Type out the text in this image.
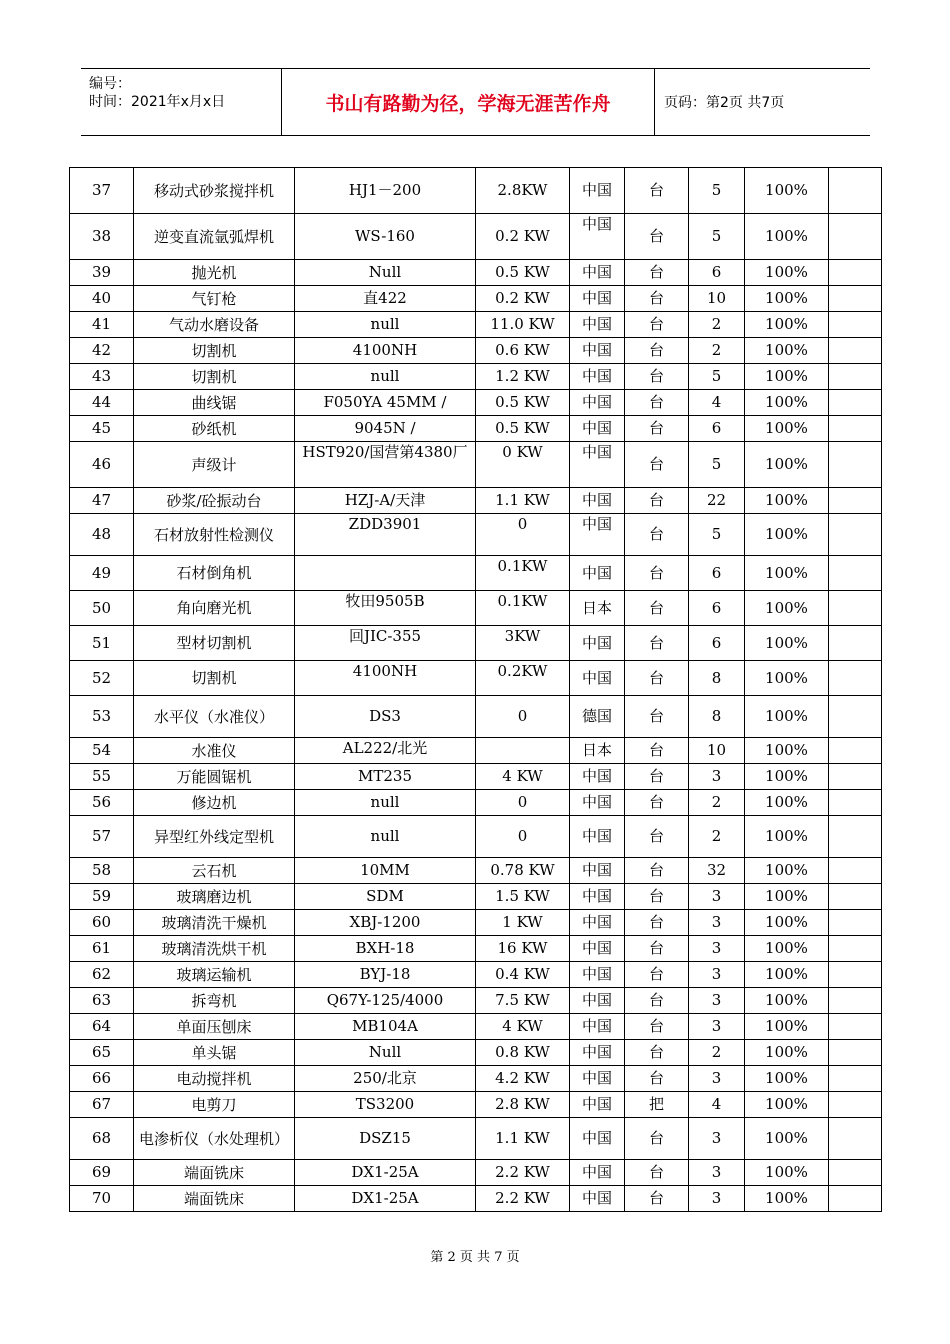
编号：
时间：2021年x月x日	书山有路勤为径，学海无涯苦作舟	页码：第2页 共7页
37	移动式砂浆搅拌机	HJ1－200	2.8KW	中国	台	5	100%	
38	逆变直流氩弧焊机	WS-160	0.2 KW	中国	台	5	100%	
39	抛光机	Null	0.5 KW	中国	台	6	100%	
40	气钉枪	直422	0.2 KW	中国	台	10	100%	
41	气动水磨设备	null	11.0 KW	中国	台	2	100%	
42	切割机	4100NH	0.6 KW	中国	台	2	100%	
43	切割机	null	1.2 KW	中国	台	5	100%	
44	曲线锯	F050YA 45MM /	0.5 KW	中国	台	4	100%	
45	砂纸机	9045N /	0.5 KW	中国	台	6	100%	
46	声级计	HST920/国营第4380厂	0 KW	中国	台	5	100%	
47	砂浆/砼振动台	HZJ-A/天津	1.1 KW	中国	台	22	100%	
48	石材放射性检测仪	ZDD3901	0	中国	台	5	100%	
49	石材倒角机		0.1KW	中国	台	6	100%	
50	角向磨光机	牧田9505B	0.1KW	日本	台	6	100%	
51	型材切割机	回JIC-355	3KW	中国	台	6	100%	
52	切割机	4100NH	0.2KW	中国	台	8	100%	
53	水平仪（水准仪）	DS3	0	德国	台	8	100%	
54	水准仪	AL222/北光		日本	台	10	100%	
55	万能圆锯机	MT235	4 KW	中国	台	3	100%	
56	修边机	null	0	中国	台	2	100%	
57	异型红外线定型机	null	0	中国	台	2	100%	
58	云石机	10MM	0.78 KW	中国	台	32	100%	
59	玻璃磨边机	SDM	1.5 KW	中国	台	3	100%	
60	玻璃清洗干燥机	XBJ-1200	1 KW	中国	台	3	100%	
61	玻璃清洗烘干机	BXH-18	16 KW	中国	台	3	100%	
62	玻璃运输机	BYJ-18	0.4 KW	中国	台	3	100%	
63	拆弯机	Q67Y-125/4000	7.5 KW	中国	台	3	100%	
64	单面压刨床	MB104A	4 KW	中国	台	3	100%	
65	单头锯	Null	0.8 KW	中国	台	2	100%	
66	电动搅拌机	250/北京	4.2 KW	中国	台	3	100%	
67	电剪刀	TS3200	2.8 KW	中国	把	4	100%	
68	电渗析仪（水处理机）	DSZ15	1.1 KW	中国	台	3	100%	
69	端面铣床	DX1-25A	2.2 KW	中国	台	3	100%	
70	端面铣床	DX1-25A	2.2 KW	中国	台	3	100%	
第 2 页 共 7 页
